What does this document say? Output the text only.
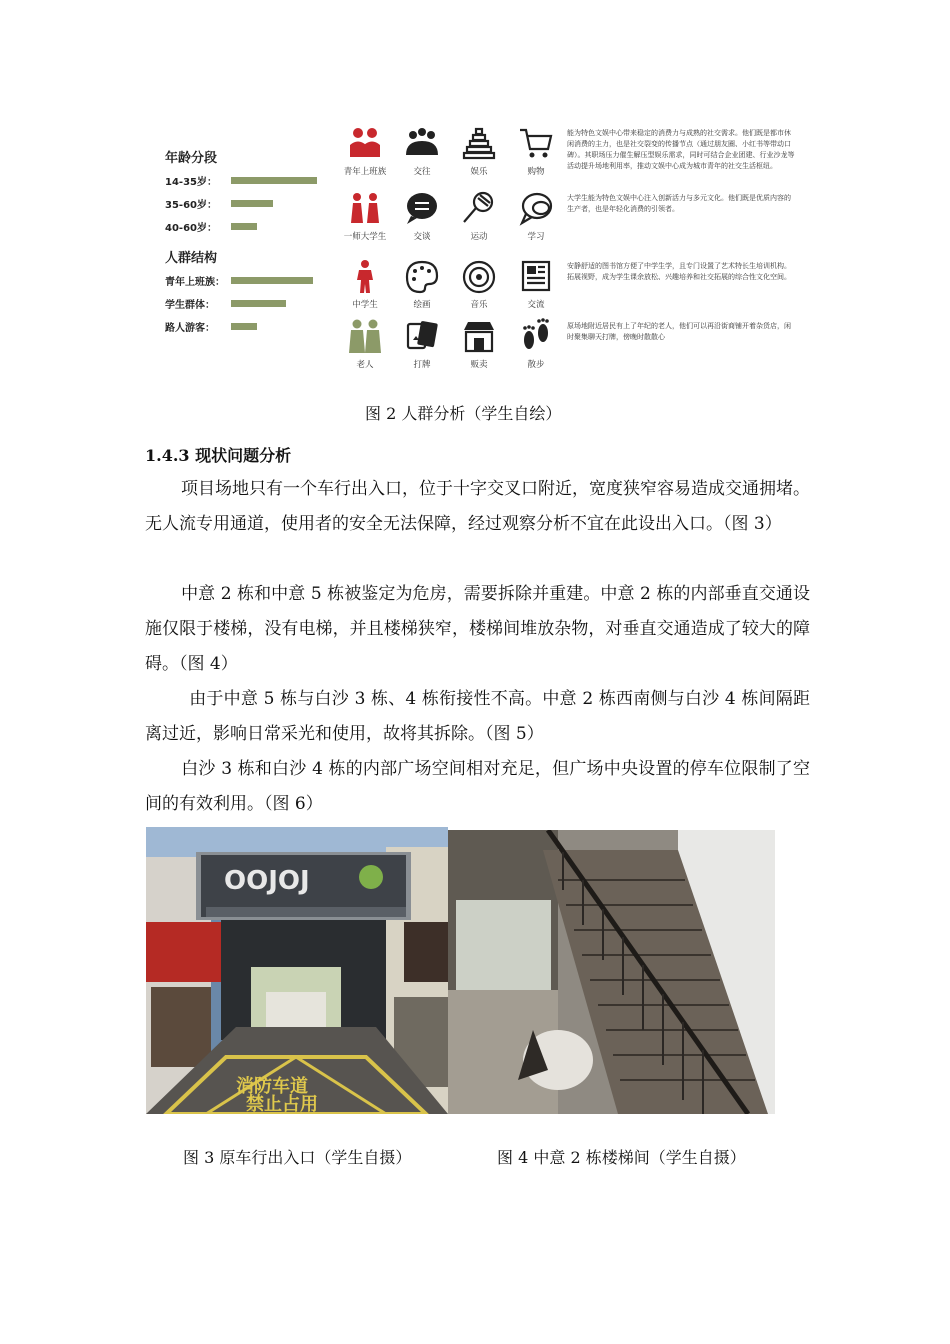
年龄分段
14-35岁：
35-60岁：
40-60岁：
人群结构
青年上班族：
学生群体：
路人游客：
青年上班族	交往	娱乐	购物
能为特色文娱中心带来稳定的消费力与成熟的社交需求。他们既是都市休闲消费的主力，也是社交裂变的传播节点（通过朋友圈、小红书等带动口碑）。其职场压力催生解压型娱乐需求，同时可结合企业团建、行业沙龙等活动提升场地利用率，推动文娱中心成为城市青年的社交生活枢纽。
一师大学生	交谈	运动	学习
大学生能为特色文娱中心注入创新活力与多元文化。他们既是优质内容的生产者，也是年轻化消费的引领者。
中学生	绘画	音乐	交流
安静舒适的图书馆方便了中学生学，且专门设置了艺术特长生培训机构。拓展视野，成为学生课余放松、兴趣培养和社交拓展的综合性文化空间。
老人	打牌	贩卖	散步
原场地附近居民有上了年纪的老人，他们可以再沿街商铺开着杂货店，闲时聚集聊天打牌，傍晚时散散心
图 2 人群分析（学生自绘）
1.4.3 现状问题分析
项目场地只有一个车行出入口，位于十字交叉口附近，宽度狭窄容易造成交通拥堵。无人流专用通道，使用者的安全无法保障，经过观察分析不宜在此设出入口。（图 3）
中意 2 栋和中意 5 栋被鉴定为危房，需要拆除并重建。中意 2 栋的内部垂直交通设施仅限于楼梯，没有电梯，并且楼梯狭窄，楼梯间堆放杂物，对垂直交通造成了较大的障碍。（图 4）
由于中意 5 栋与白沙 3 栋、4 栋衔接性不高。中意 2 栋西南侧与白沙 4 栋间隔距离过近，影响日常采光和使用，故将其拆除。（图 5）
白沙 3 栋和白沙 4 栋的内部广场空间相对充足，但广场中央设置的停车位限制了空间的有效利用。（图 6）
OOJOJ
消防车道
禁止占用
图 3 原车行出入口（学生自摄）	图 4 中意 2 栋楼梯间（学生自摄）
